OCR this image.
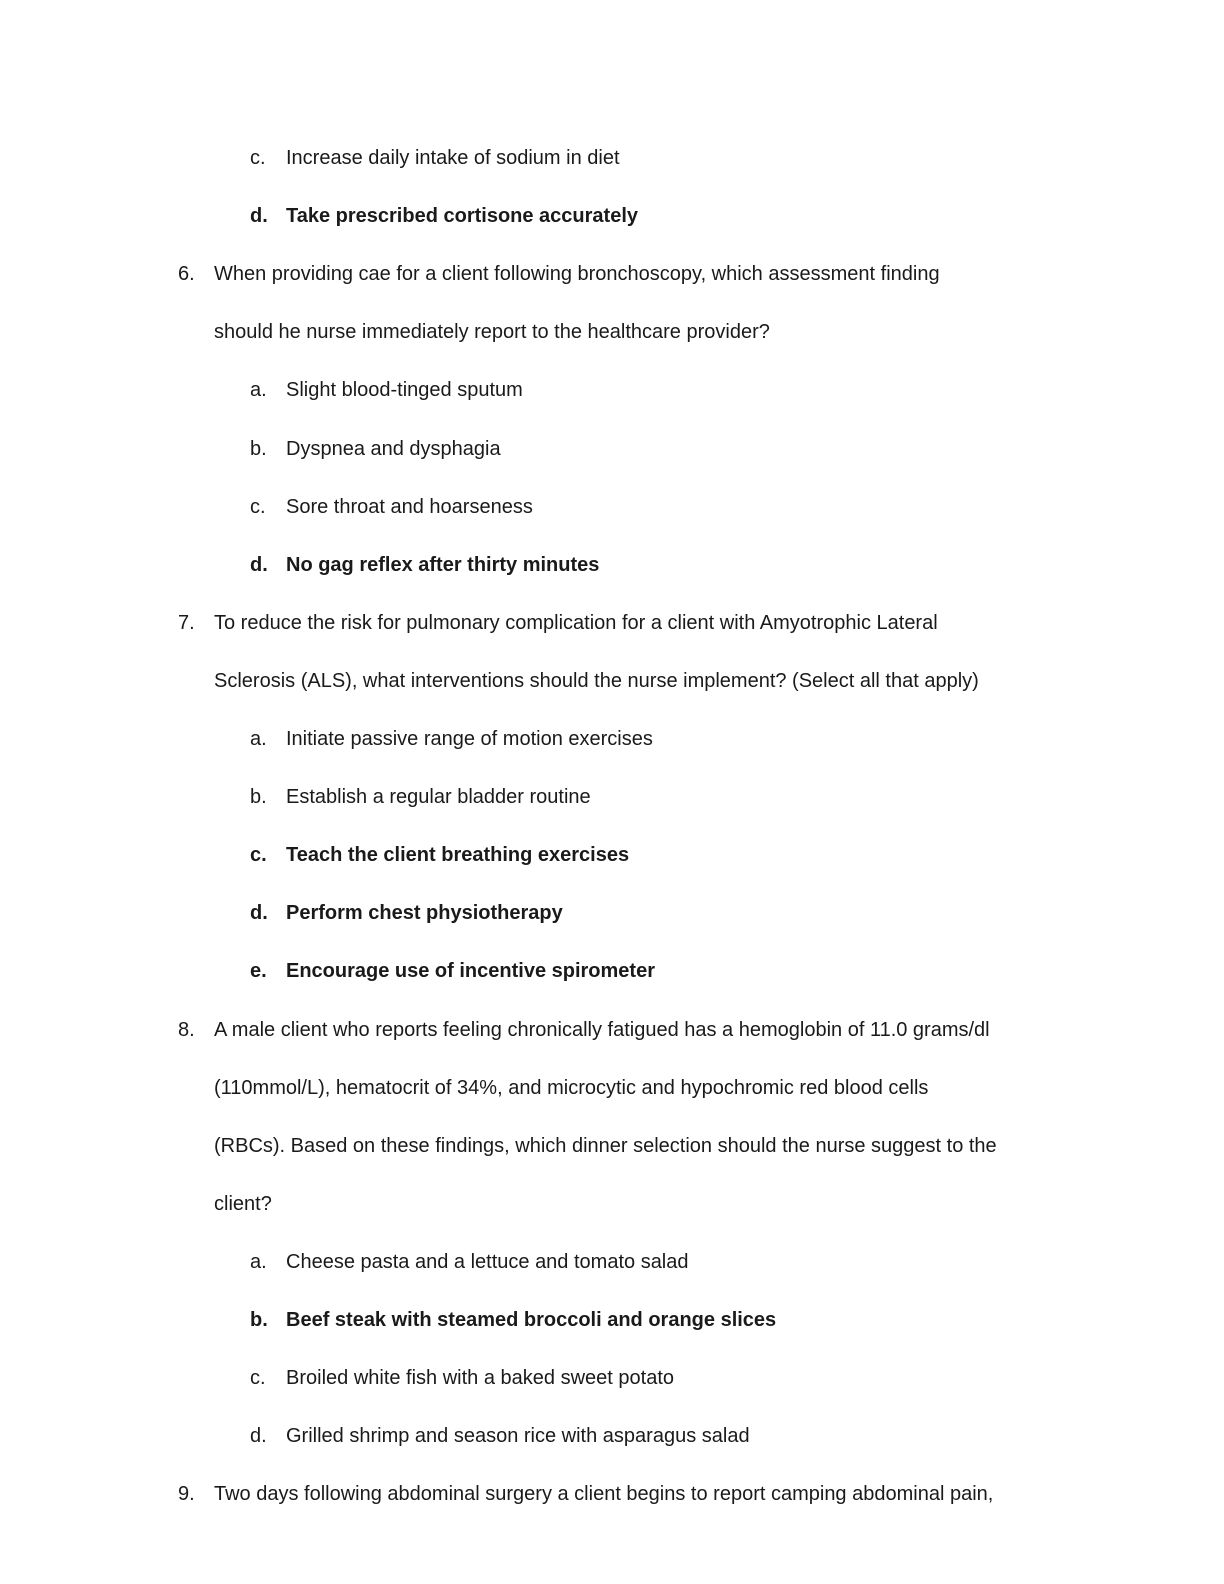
c. Increase daily intake of sodium in diet
d. Take prescribed cortisone accurately
6. When providing cae for a client following bronchoscopy, which assessment finding
should he nurse immediately report to the healthcare provider?
a. Slight blood-tinged sputum
b. Dyspnea and dysphagia
c. Sore throat and hoarseness
d. No gag reflex after thirty minutes
7. To reduce the risk for pulmonary complication for a client with Amyotrophic Lateral
Sclerosis (ALS), what interventions should the nurse implement? (Select all that apply)
a. Initiate passive range of motion exercises
b. Establish a regular bladder routine
c. Teach the client breathing exercises
d. Perform chest physiotherapy
e. Encourage use of incentive spirometer
8. A male client who reports feeling chronically fatigued has a hemoglobin of 11.0 grams/dl
(110mmol/L), hematocrit of 34%, and microcytic and hypochromic red blood cells
(RBCs). Based on these findings, which dinner selection should the nurse suggest to the
client?
a. Cheese pasta and a lettuce and tomato salad
b. Beef steak with steamed broccoli and orange slices
c. Broiled white fish with a baked sweet potato
d. Grilled shrimp and season rice with asparagus salad
9. Two days following abdominal surgery a client begins to report camping abdominal pain,
